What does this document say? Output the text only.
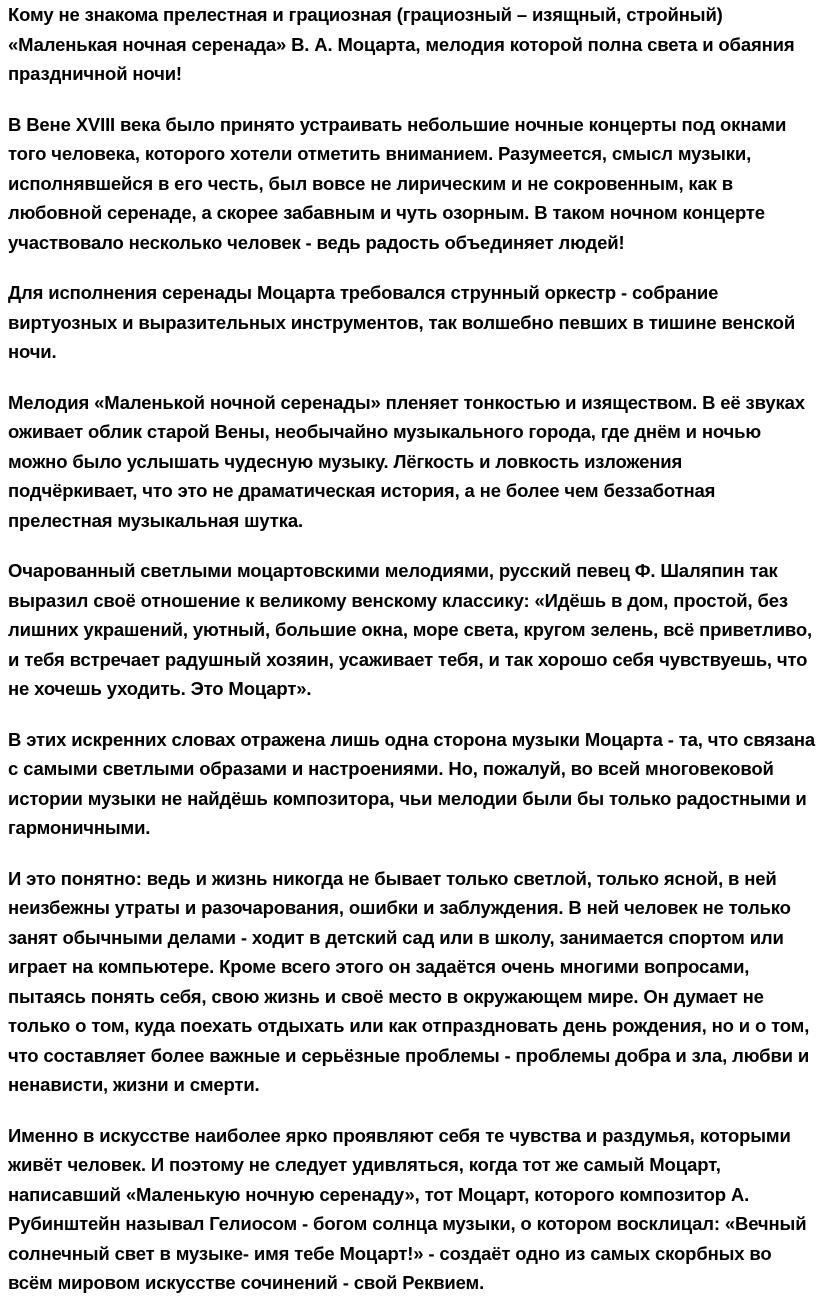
Кому не знакома прелестная и грациозная (грациозный – изящный, стройный) «Маленькая ночная серенада» В. А. Моцарта, мелодия которой полна света и обаяния праздничной ночи!

В Вене XVIII века было принято устраивать небольшие ночные концерты под окнами того человека, которого хотели отметить вниманием. Разумеется, смысл музыки, исполнявшейся в его честь, был вовсе не лирическим и не сокровенным, как в любовной серенаде, а скорее забавным и чуть озорным. В таком ночном концерте участвовало несколько человек - ведь радость объединяет людей!

Для исполнения серенады Моцарта требовался струнный оркестр - собрание виртуозных и выразительных инструментов, так волшебно певших в тишине венской ночи.

Мелодия «Маленькой ночной серенады» пленяет тонкостью и изяществом. В её звуках оживает облик старой Вены, необычайно музыкального города, где днём и ночью можно было услышать чудесную музыку. Лёгкость и ловкость изложения подчёркивает, что это не драматическая история, а не более чем беззаботная прелестная музыкальная шутка.

Очарованный светлыми моцартовскими мелодиями, русский певец Ф. Шаляпин так выразил своё отношение к великому венскому классику: «Идёшь в дом, простой, без лишних украшений, уютный, большие окна, море света, кругом зелень, всё приветливо, и тебя встречает радушный хозяин, усаживает тебя, и так хорошо себя чувствуешь, что не хочешь уходить. Это Моцарт».

В этих искренних словах отражена лишь одна сторона музыки Моцарта - та, что связана с самыми светлыми образами и настроениями. Но, пожалуй, во всей многовековой истории музыки не найдёшь композитора, чьи мелодии были бы только радостными и гармоничными.

И это понятно: ведь и жизнь никогда не бывает только светлой, только ясной, в ней неизбежны утраты и разочарования, ошибки и заблуждения. В ней человек не только занят обычными делами - ходит в детский сад или в школу, занимается спортом или играет на компьютере. Кроме всего этого он задаётся очень многими вопросами, пытаясь понять себя, свою жизнь и своё место в окружающем мире. Он думает не только о том, куда поехать отдыхать или как отпраздновать день рождения, но и о том, что составляет более важные и серьёзные проблемы - проблемы добра и зла, любви и ненависти, жизни и смерти.

Именно в искусстве наиболее ярко проявляют себя те чувства и раздумья, которыми живёт человек. И поэтому не следует удивляться, когда тот же самый Моцарт, написавший «Маленькую ночную серенаду», тот Моцарт, которого композитор А. Рубинштейн называл Гелиосом - богом солнца музыки, о котором восклицал: «Вечный солнечный свет в музыке- имя тебе Моцарт!» - создаёт одно из самых скорбных во всём мировом искусстве сочинений - свой Реквием.
